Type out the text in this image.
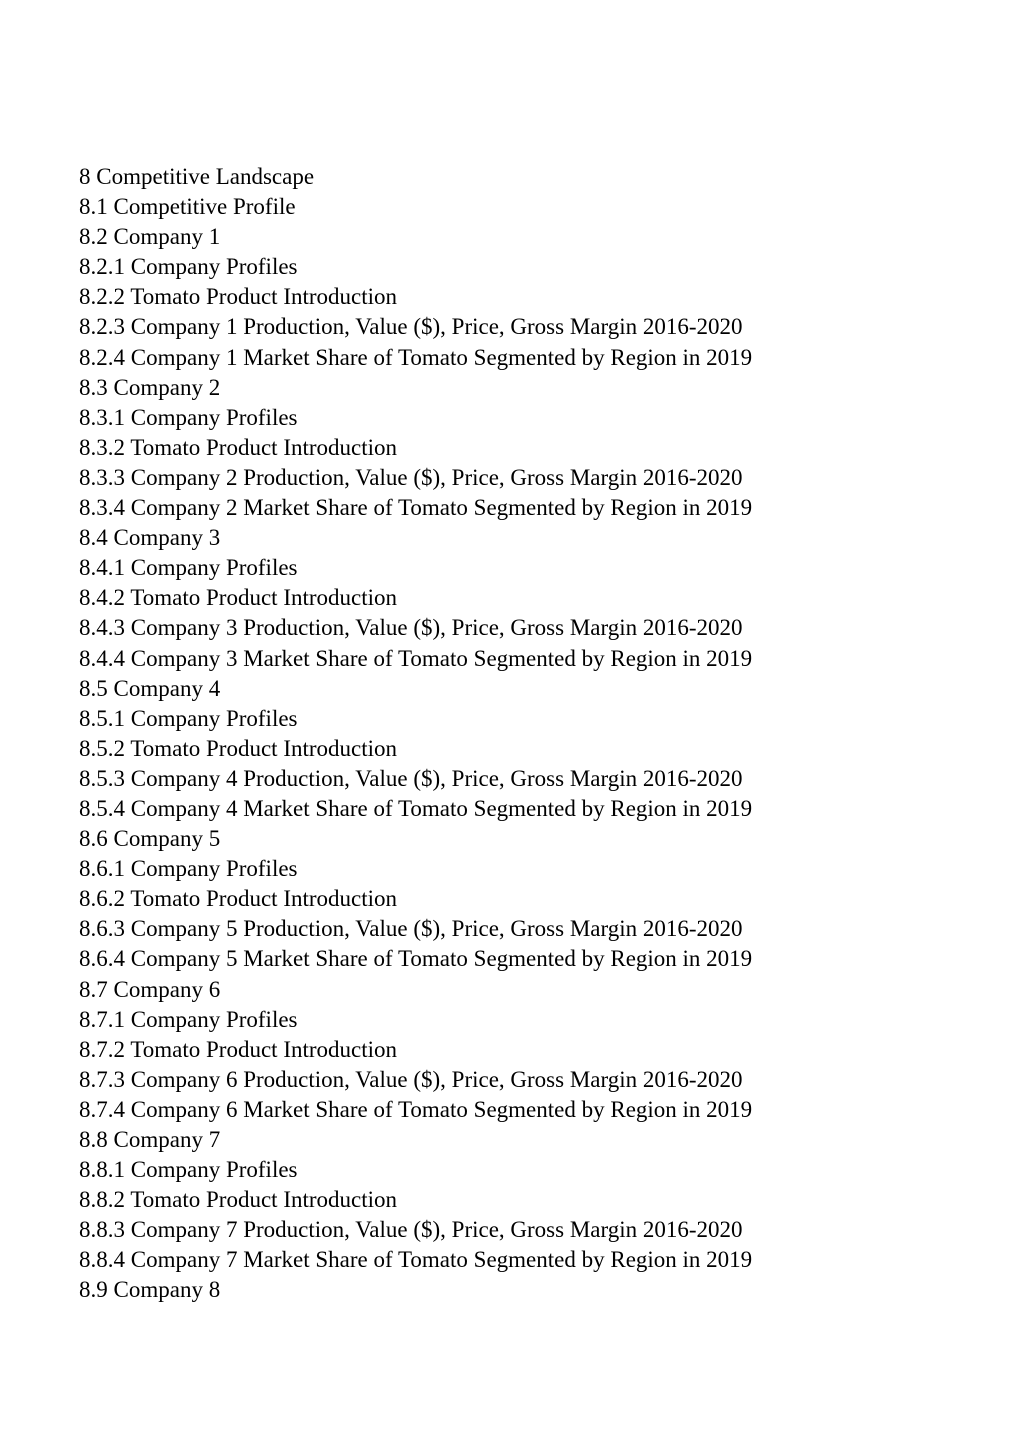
8 Competitive Landscape
8.1 Competitive Profile
8.2 Company 1
8.2.1 Company Profiles
8.2.2 Tomato Product Introduction
8.2.3 Company 1 Production, Value ($), Price, Gross Margin 2016-2020
8.2.4 Company 1 Market Share of Tomato Segmented by Region in 2019
8.3 Company 2
8.3.1 Company Profiles
8.3.2 Tomato Product Introduction
8.3.3 Company 2 Production, Value ($), Price, Gross Margin 2016-2020
8.3.4 Company 2 Market Share of Tomato Segmented by Region in 2019
8.4 Company 3
8.4.1 Company Profiles
8.4.2 Tomato Product Introduction
8.4.3 Company 3 Production, Value ($), Price, Gross Margin 2016-2020
8.4.4 Company 3 Market Share of Tomato Segmented by Region in 2019
8.5 Company 4
8.5.1 Company Profiles
8.5.2 Tomato Product Introduction
8.5.3 Company 4 Production, Value ($), Price, Gross Margin 2016-2020
8.5.4 Company 4 Market Share of Tomato Segmented by Region in 2019
8.6 Company 5
8.6.1 Company Profiles
8.6.2 Tomato Product Introduction
8.6.3 Company 5 Production, Value ($), Price, Gross Margin 2016-2020
8.6.4 Company 5 Market Share of Tomato Segmented by Region in 2019
8.7 Company 6
8.7.1 Company Profiles
8.7.2 Tomato Product Introduction
8.7.3 Company 6 Production, Value ($), Price, Gross Margin 2016-2020
8.7.4 Company 6 Market Share of Tomato Segmented by Region in 2019
8.8 Company 7
8.8.1 Company Profiles
8.8.2 Tomato Product Introduction
8.8.3 Company 7 Production, Value ($), Price, Gross Margin 2016-2020
8.8.4 Company 7 Market Share of Tomato Segmented by Region in 2019
8.9 Company 8
